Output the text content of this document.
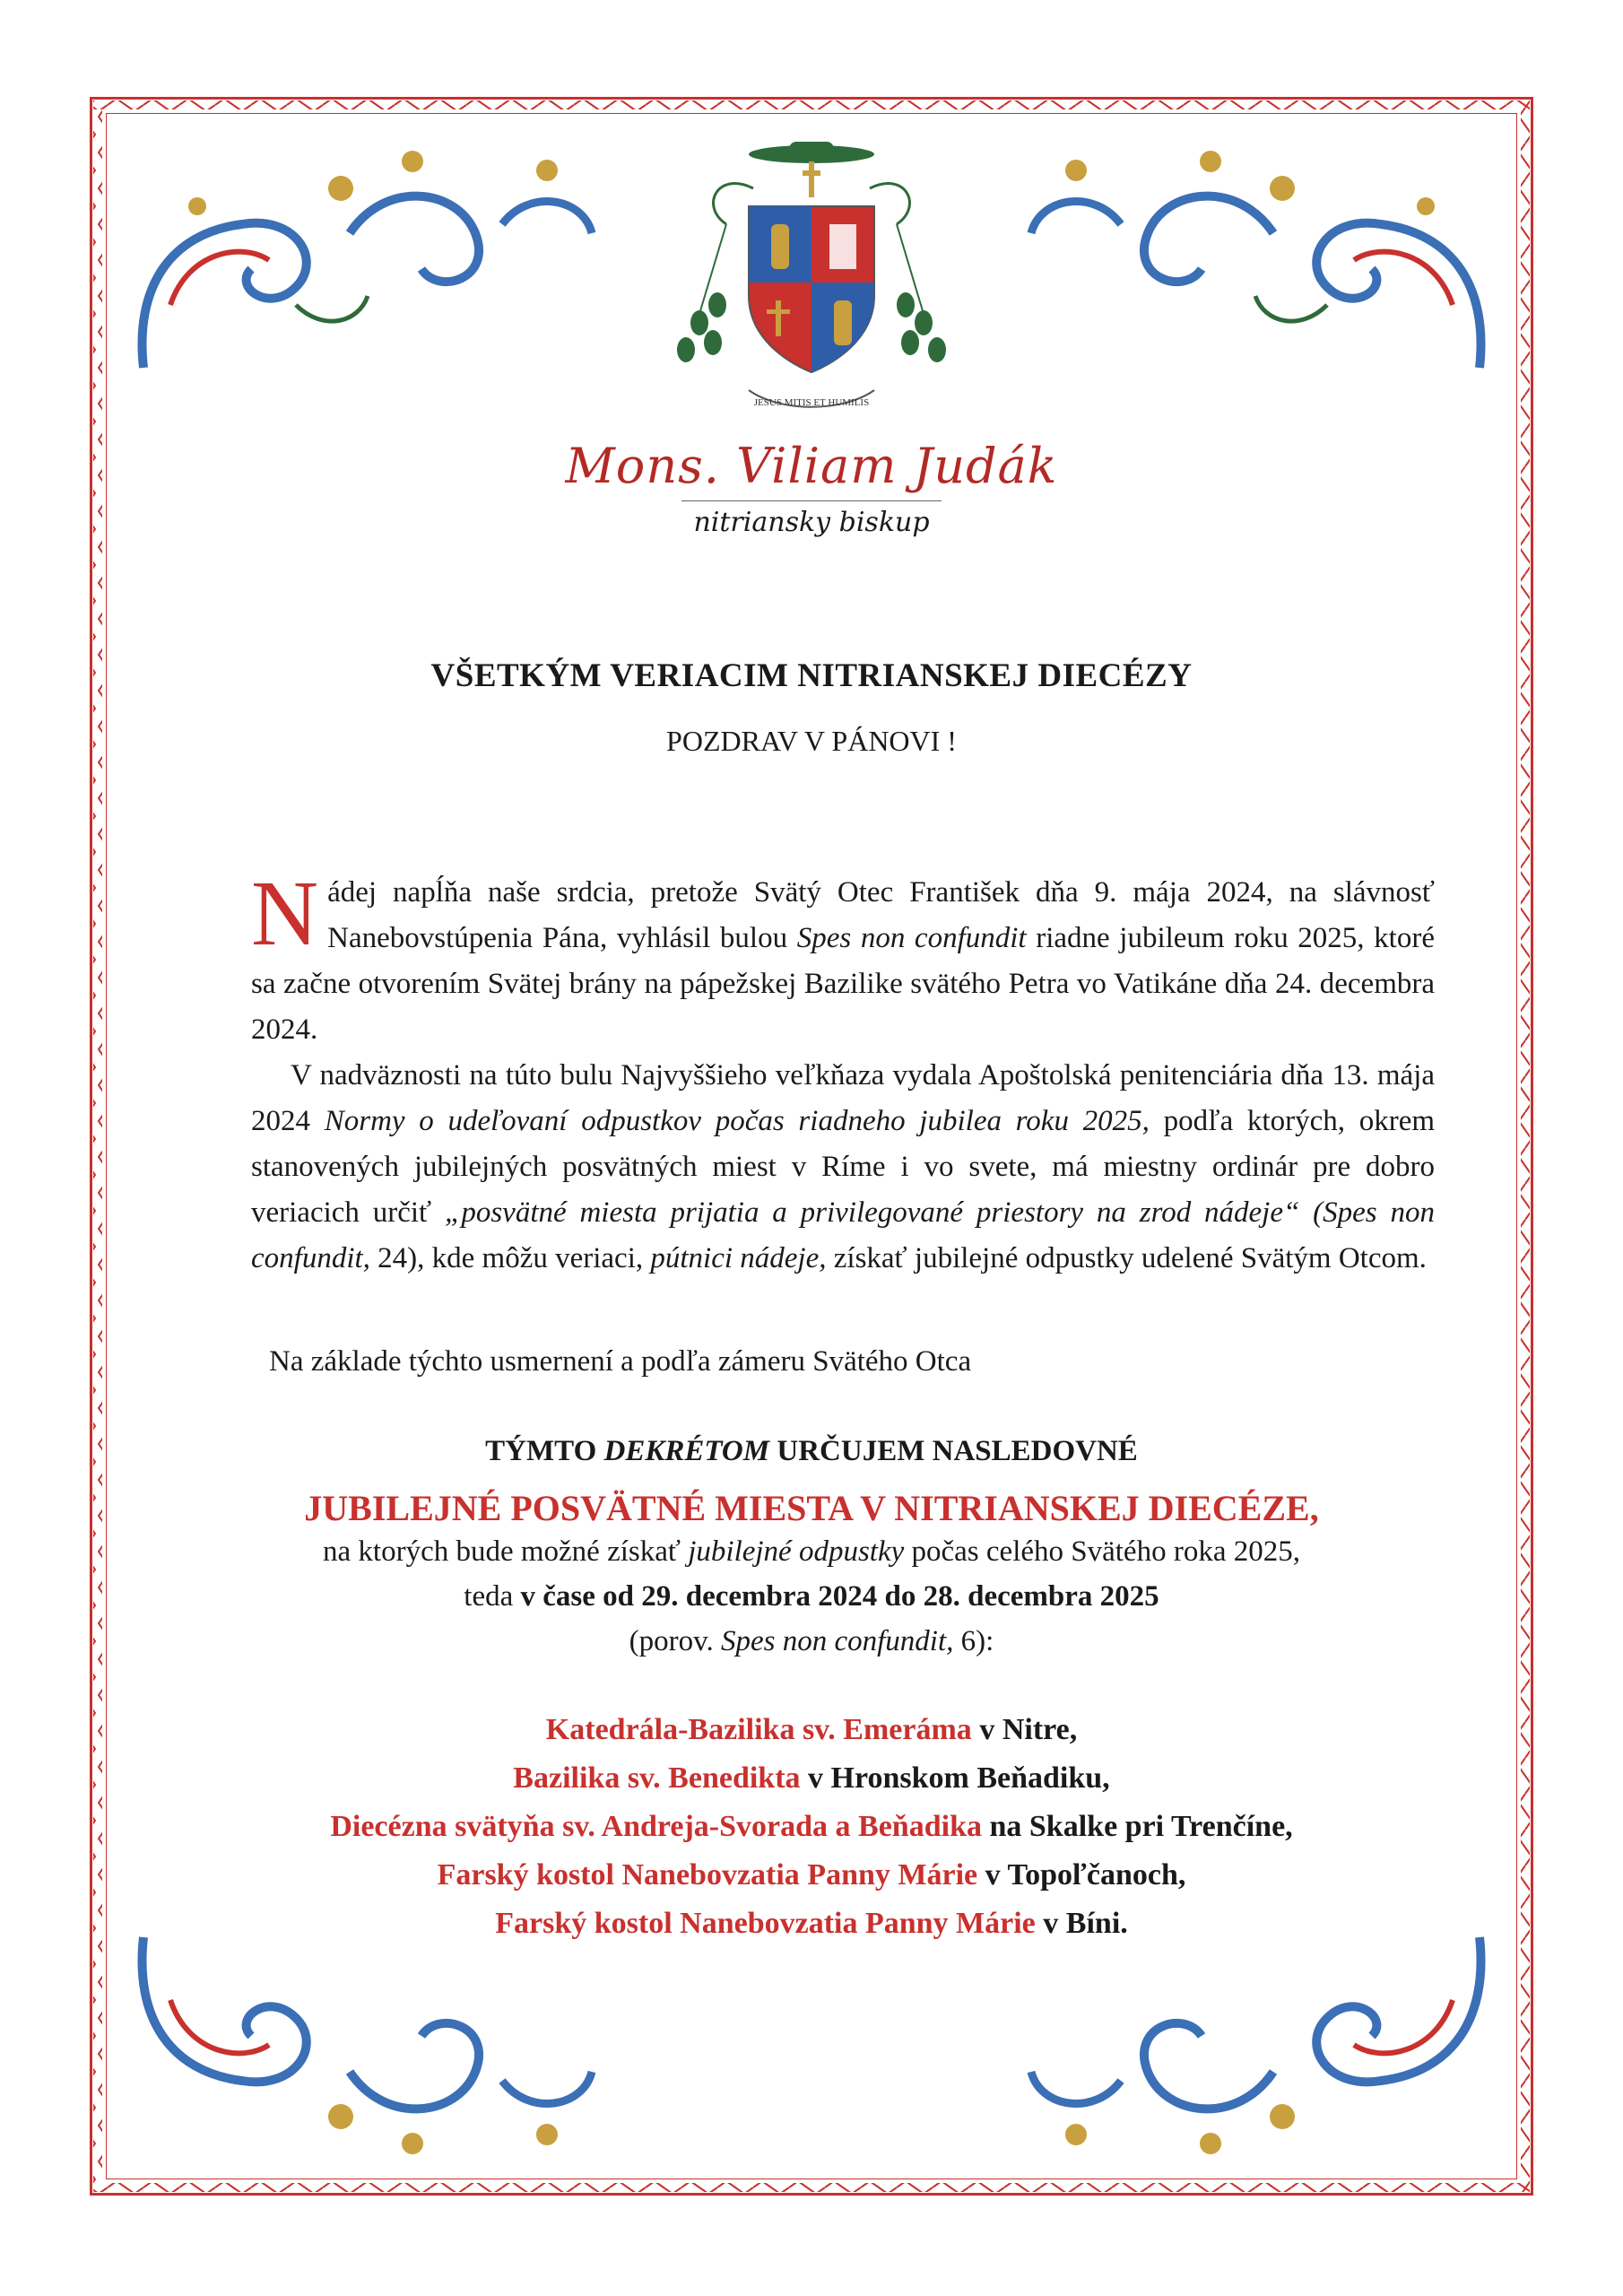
JESUS MITIS ET HUMILIS
Mons. Viliam Judák
nitriansky biskup
VŠETKÝM VERIACIM NITRIANSKEJ DIECÉZY
POZDRAV V PÁNOVI !

Nádej napĺňa naše srdcia, pretože Svätý Otec František dňa 9. mája 2024, na slávnosť Nanebovstúpenia Pána, vyhlásil bulou Spes non confundit riadne jubileum roku 2025, ktoré sa začne otvorením Svätej brány na pápežskej Bazilike svätého Petra vo Vatikáne dňa 24. decembra 2024.

V nadväznosti na túto bulu Najvyššieho veľkňaza vydala Apoštolská penitenciária dňa 13. mája 2024 Normy o udeľovaní odpustkov počas riadneho jubilea roku 2025, podľa ktorých, okrem stanovených jubilejných posvätných miest v Ríme i vo svete, má miestny ordinár pre dobro veriacich určiť „posvätné miesta prijatia a privilegované priestory na zrod nádeje“ (Spes non confundit, 24), kde môžu veriaci, pútnici nádeje, získať jubilejné odpustky udelené Svätým Otcom.

Na základe týchto usmernení a podľa zámeru Svätého Otca
TÝMTO DEKRÉTOM URČUJEM NASLEDOVNÉ
JUBILEJNÉ POSVÄTNÉ MIESTA V NITRIANSKEJ DIECÉZE,
na ktorých bude možné získať jubilejné odpustky počas celého Svätého roka 2025,
teda v čase od 29. decembra 2024 do 28. decembra 2025
(porov. Spes non confundit, 6):
Katedrála-Bazilika sv. Emeráma v Nitre,
Bazilika sv. Benedikta v Hronskom Beňadiku,
Diecézna svätyňa sv. Andreja-Svorada a Beňadika na Skalke pri Trenčíne,
Farský kostol Nanebovzatia Panny Márie v Topoľčanoch,
Farský kostol Nanebovzatia Panny Márie v Bíni.
